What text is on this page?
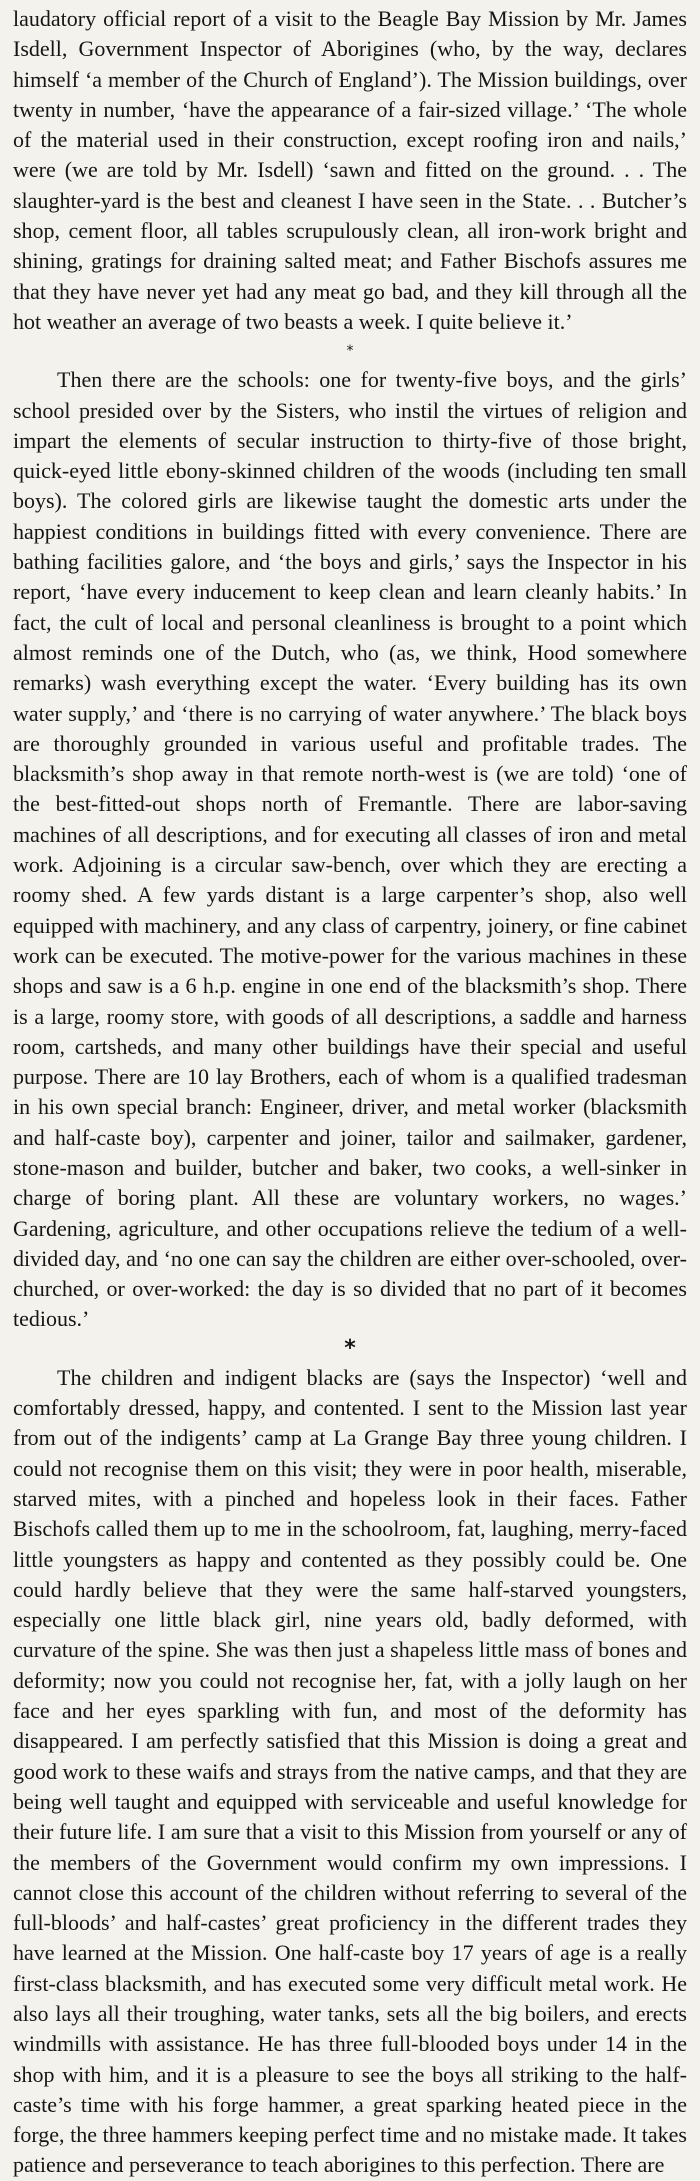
laudatory official report of a visit to the Beagle Bay Mission by Mr. James Isdell, Government Inspector of Aborigines (who, by the way, declares himself ‘a member of the Church of England’). The Mission buildings, over twenty in number, ‘have the appearance of a fair-sized village.’ ‘The whole of the material used in their construction, except roofing iron and nails,’ were (we are told by Mr. Isdell) ‘sawn and fitted on the ground. . . The slaughter-yard is the best and cleanest I have seen in the State. . . Butcher’s shop, cement floor, all tables scrupulously clean, all iron-work bright and shining, gratings for draining salted meat; and Father Bischofs assures me that they have never yet had any meat go bad, and they kill through all the hot weather an average of two beasts a week. I quite believe it.’

*

Then there are the schools: one for twenty-five boys, and the girls’ school presided over by the Sisters, who instil the virtues of religion and impart the elements of secular instruction to thirty-five of those bright, quick-eyed little ebony-skinned children of the woods (including ten small boys). The colored girls are likewise taught the domestic arts under the happiest conditions in buildings fitted with every convenience. There are bathing facilities galore, and ‘the boys and girls,’ says the Inspector in his report, ‘have every inducement to keep clean and learn cleanly habits.’ In fact, the cult of local and personal cleanliness is brought to a point which almost reminds one of the Dutch, who (as, we think, Hood somewhere remarks) wash everything except the water. ‘Every building has its own water supply,’ and ‘there is no carrying of water anywhere.’ The black boys are thoroughly grounded in various useful and profitable trades. The blacksmith’s shop away in that remote north-west is (we are told) ‘one of the best-fitted-out shops north of Fremantle. There are labor-saving machines of all descriptions, and for executing all classes of iron and metal work. Adjoining is a circular saw-bench, over which they are erecting a roomy shed. A few yards distant is a large carpenter’s shop, also well equipped with machinery, and any class of carpentry, joinery, or fine cabinet work can be executed. The motive-power for the various machines in these shops and saw is a 6 h.p. engine in one end of the blacksmith’s shop. There is a large, roomy store, with goods of all descriptions, a saddle and harness room, cartsheds, and many other buildings have their special and useful purpose. There are 10 lay Brothers, each of whom is a qualified tradesman in his own special branch: Engineer, driver, and metal worker (blacksmith and half-caste boy), carpenter and joiner, tailor and sailmaker, gardener, stone-mason and builder, butcher and baker, two cooks, a well-sinker in charge of boring plant. All these are voluntary workers, no wages.’ Gardening, agriculture, and other occupations relieve the tedium of a well-divided day, and ‘no one can say the children are either over-schooled, over-churched, or over-worked: the day is so divided that no part of it becomes tedious.’

*

The children and indigent blacks are (says the Inspector) ‘well and comfortably dressed, happy, and contented. I sent to the Mission last year from out of the indigents’ camp at La Grange Bay three young children. I could not recognise them on this visit; they were in poor health, miserable, starved mites, with a pinched and hopeless look in their faces. Father Bischofs called them up to me in the schoolroom, fat, laughing, merry-faced little youngsters as happy and contented as they possibly could be. One could hardly believe that they were the same half-starved youngsters, especially one little black girl, nine years old, badly deformed, with curvature of the spine. She was then just a shapeless little mass of bones and deformity; now you could not recognise her, fat, with a jolly laugh on her face and her eyes sparkling with fun, and most of the deformity has disappeared. I am perfectly satisfied that this Mission is doing a great and good work to these waifs and strays from the native camps, and that they are being well taught and equipped with serviceable and useful knowledge for their future life. I am sure that a visit to this Mission from yourself or any of the members of the Government would confirm my own impressions. I cannot close this account of the children without referring to several of the full-bloods’ and half-castes’ great proficiency in the different trades they have learned at the Mission. One half-caste boy 17 years of age is a really first-class blacksmith, and has executed some very difficult metal work. He also lays all their troughing, water tanks, sets all the big boilers, and erects windmills with assistance. He has three full-blooded boys under 14 in the shop with him, and it is a pleasure to see the boys all striking to the half-caste’s time with his forge hammer, a great sparking heated piece in the forge, the three hammers keeping perfect time and no mistake made. It takes patience and perseverance to teach aborigines to this perfection. There are
